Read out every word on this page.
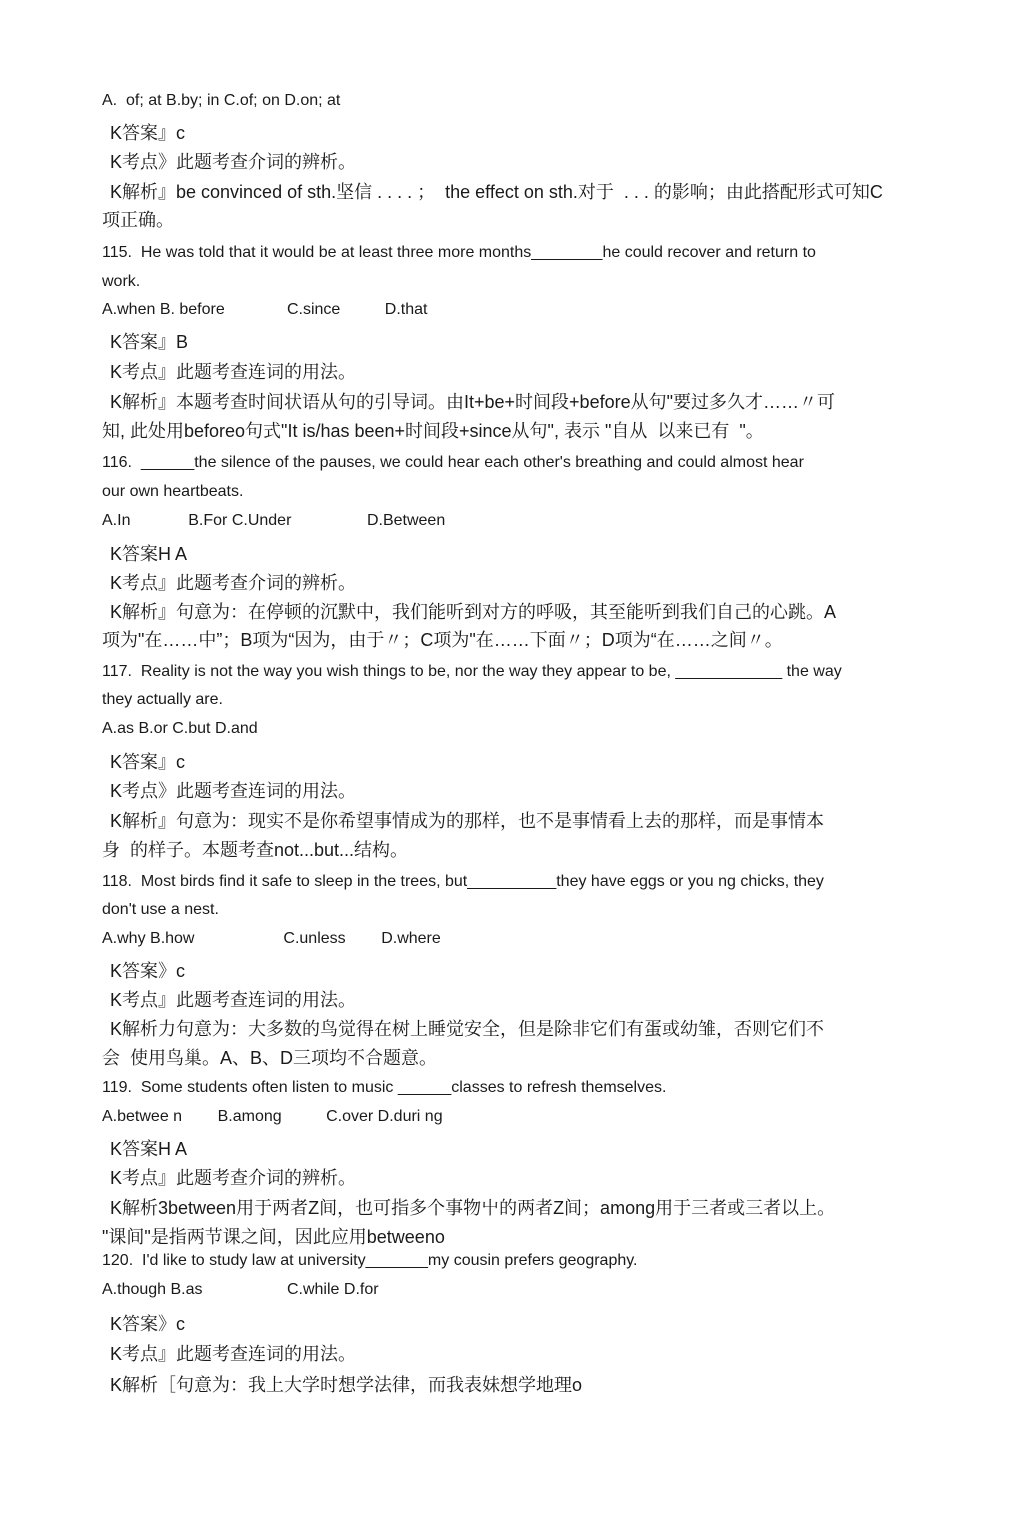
A.  of; at B.by; in C.of; on D.on; at
K答案』c
K考点》此题考查介词的辨析。
K解析』be convinced of sth.坚信 . . . . ；  the effect on sth.对于  . . . 的影响；由此搭配形式可知C
项正确。
115.  He was told that it would be at least three more months________he could recover and return to
work.
A.when B. before              C.since          D.that
K答案』B
K考点』此题考查连词的用法。
K解析』本题考查时间状语从句的引导词。由It+be+时间段+before从句"要过多久才……〃可
知, 此处用beforeo句式"It is/has been+时间段+since从句", 表示 "自从  以来已有  "。
116.  ______the silence of the pauses, we could hear each other's breathing and could almost hear
our own heartbeats.
A.In             B.For C.Under                 D.Between
K答案H A
K考点』此题考查介词的辨析。
K解析』句意为：在停顿的沉默中，我们能听到对方的呼吸，其至能听到我们自己的心跳。A
项为"在……中”；B项为“因为，由于〃；C项为"在……下面〃；D项为“在……之间〃。
117.  Reality is not the way you wish things to be, nor the way they appear to be, ____________ the way
they actually are.
A.as B.or C.but D.and
K答案』c
K考点》此题考查连词的用法。
K解析』句意为：现实不是你希望事情成为的那样，也不是事情看上去的那样，而是事情本
身  的样子。本题考查not...but...结构。
118.  Most birds find it safe to sleep in the trees, but__________they have eggs or you ng chicks, they
don't use a nest.
A.why B.how                    C.unless        D.where
K答案》c
K考点』此题考查连词的用法。
K解析力句意为：大多数的鸟觉得在树上睡觉安全，但是除非它们有蛋或幼雏，否则它们不
会  使用鸟巢。A、B、D三项均不合题意。
119.  Some students often listen to music ______classes to refresh themselves.
A.betwee n        B.among          C.over D.duri ng
K答案H A
K考点』此题考查介词的辨析。
K解析3between用于两者Z间，也可指多个事物屮的两者Z间；among用于三者或三者以上。
"课间"是指两节课之间，因此应用betweeno
120.  I'd like to study law at university_______my cousin prefers geography.
A.though B.as                   C.while D.for
K答案》c
K考点』此题考查连词的用法。
K解析［句意为：我上大学时想学法律，而我表妹想学地理o
